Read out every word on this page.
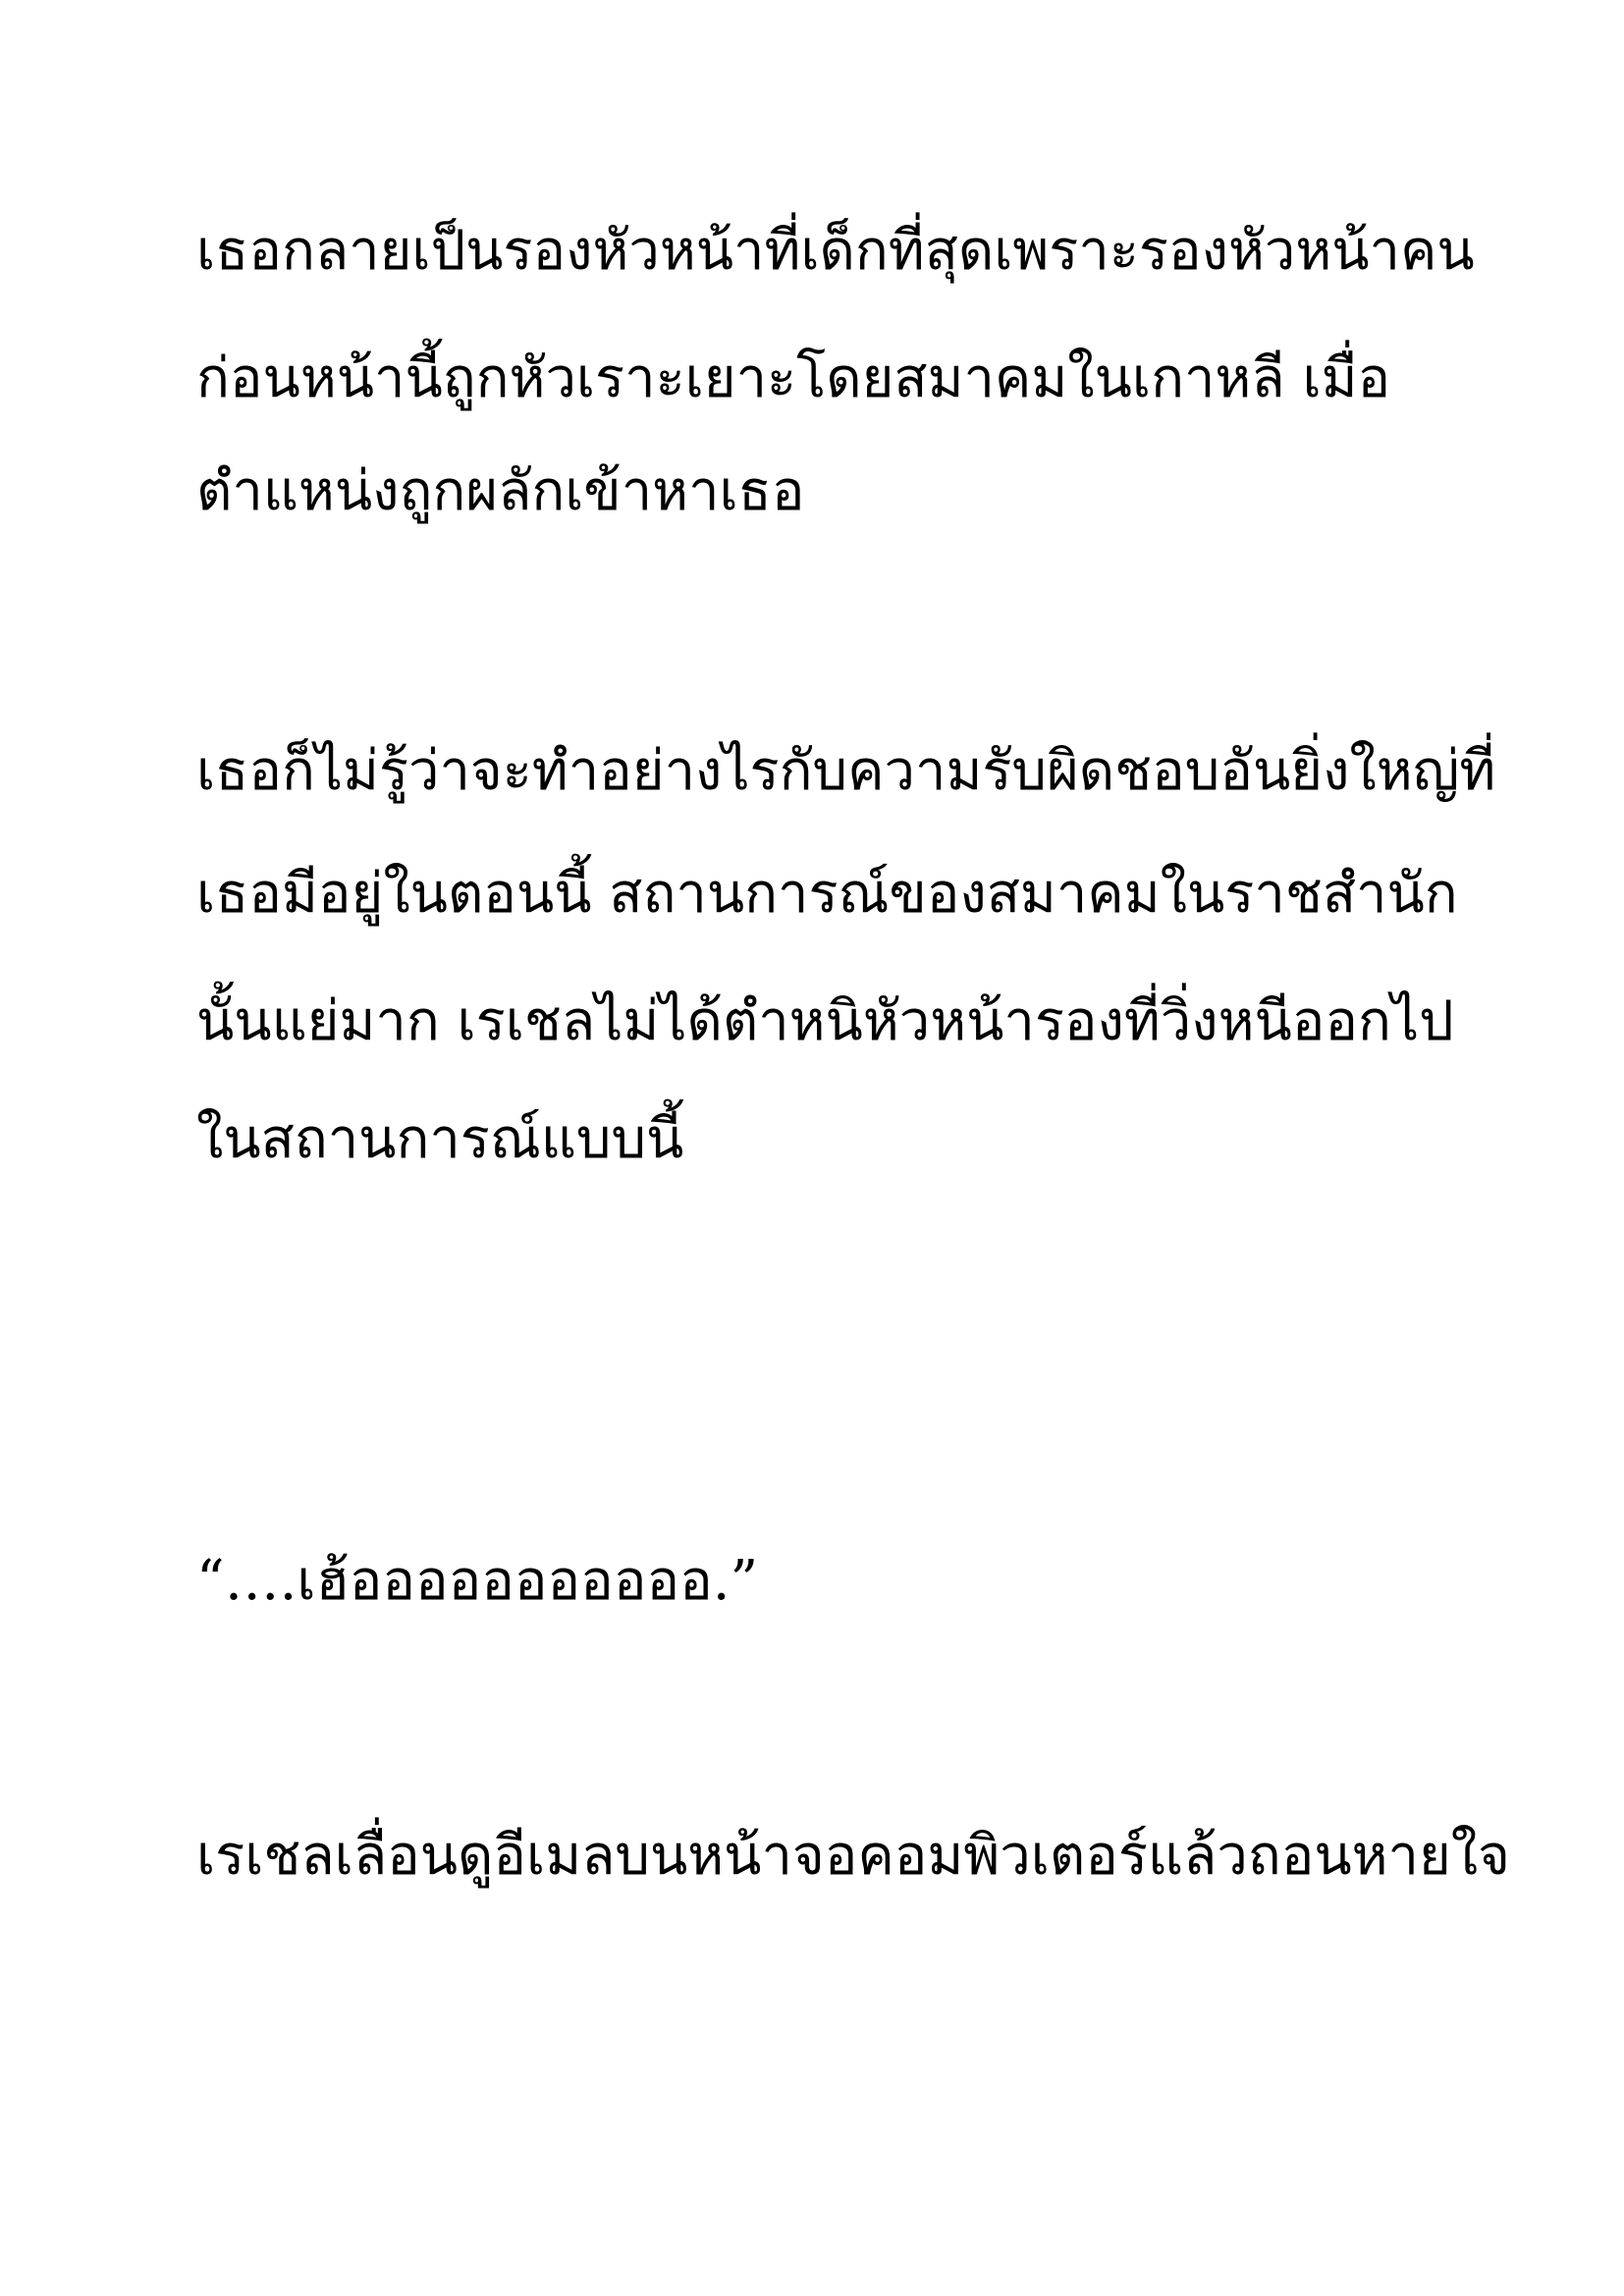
เธอกลายเป็นรองหัวหน้าที่เด็กที่สุดเพราะรองหัวหน้าคน
ก่อนหน้านี้ถูกหัวเราะเยาะโดยสมาคมในเกาหลี เมื่อ
ตำแหน่งถูกผลักเข้าหาเธอ
เธอก็ไม่รู้ว่าจะทำอย่างไรกับความรับผิดชอบอันยิ่งใหญ่ที่
เธอมีอยู่ในตอนนี้ สถานการณ์ของสมาคมในราชสำนัก
นั้นแย่มาก เรเชลไม่ได้ตำหนิหัวหน้ารองที่วิ่งหนีออกไป
ในสถานการณ์แบบนี้
“….เฮ้อออออออออออ.”
เรเชลเลื่อนดูอีเมลบนหน้าจอคอมพิวเตอร์แล้วถอนหายใจ
